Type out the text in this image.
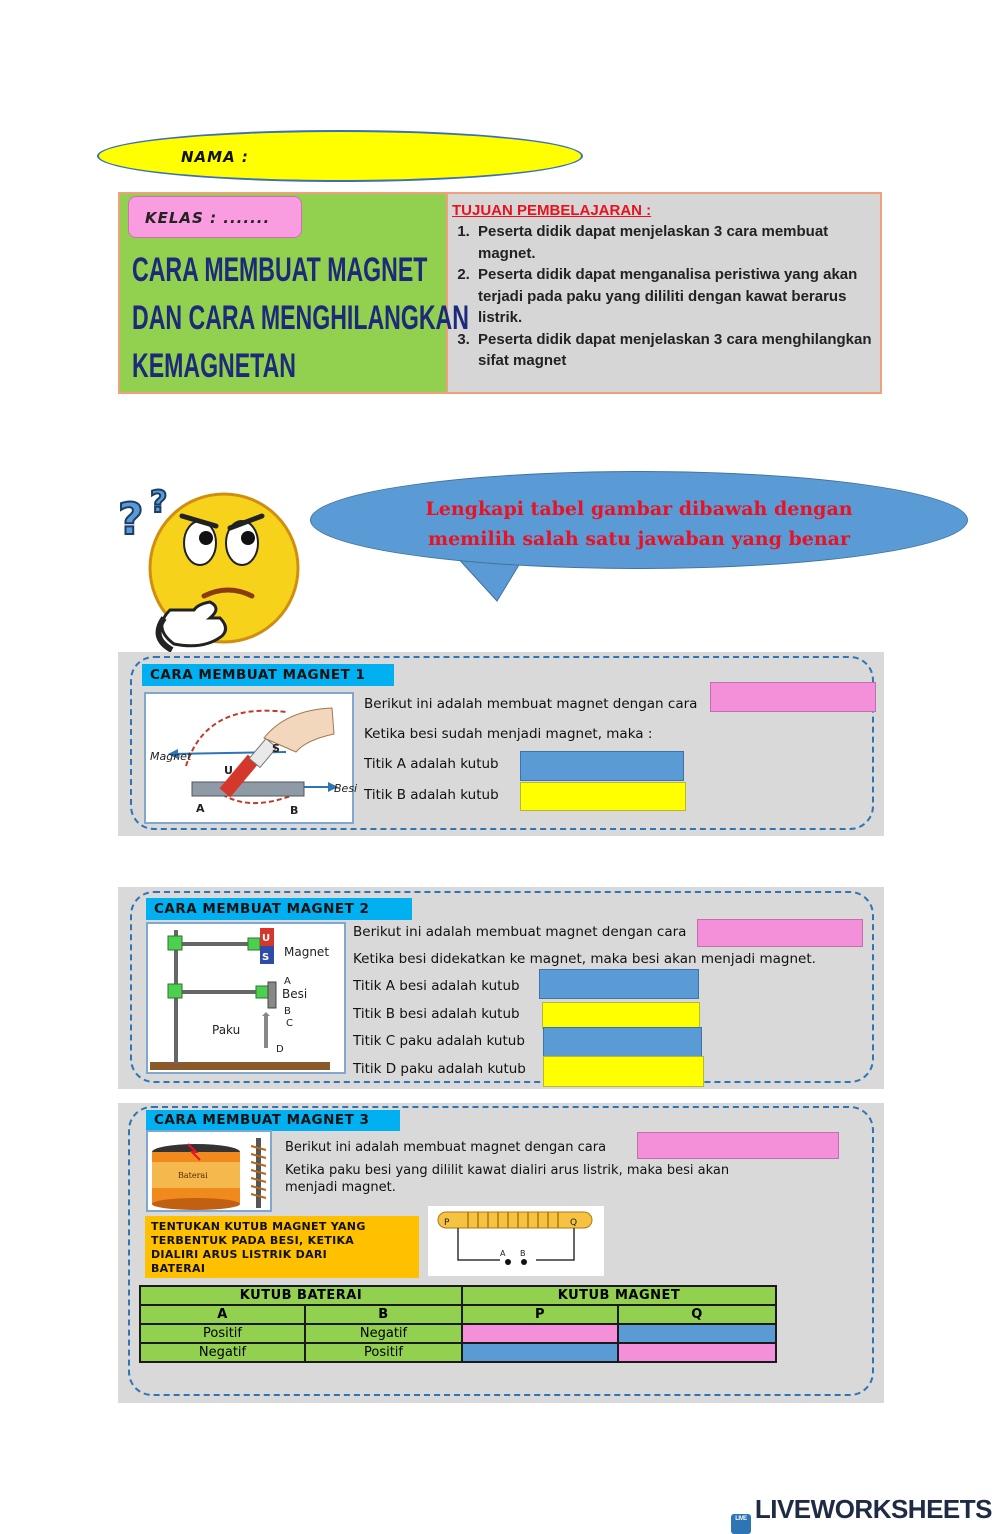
NAMA :
KELAS : .......
CARA MEMBUAT MAGNET
DAN CARA MENGHILANGKAN
KEMAGNETAN
TUJUAN PEMBELAJARAN :
1. Peserta didik dapat menjelaskan 3 cara membuat magnet.
2. Peserta didik dapat menganalisa peristiwa yang akan terjadi pada paku yang dililiti dengan kawat berarus listrik.
3. Peserta didik dapat menjelaskan 3 cara menghilangkan sifat magnet
? ?	Lengkapi tabel gambar dibawah dengan
memilih salah satu jawaban yang benar
CARA MEMBUAT MAGNET 1
Magnet
Besi
A	B
U
S
Berikut ini adalah membuat magnet dengan cara
Ketika besi sudah menjadi magnet, maka :
Titik A adalah kutub
Titik B adalah kutub
CARA MEMBUAT MAGNET 2
U
S Magnet
A
Besi
B
C
Paku
D
Berikut ini adalah membuat magnet dengan cara
Ketika besi didekatkan ke magnet, maka besi akan menjadi magnet.
Titik A besi adalah kutub
Titik B besi adalah kutub
Titik C paku adalah kutub
Titik D paku adalah kutub
CARA MEMBUAT MAGNET 3
Baterai
Berikut ini adalah membuat magnet dengan cara
Ketika paku besi yang dililit kawat dialiri arus listrik, maka besi akan
menjadi magnet.
TENTUKAN KUTUB MAGNET YANG
TERBENTUK PADA BESI, KETIKA
DIALIRI ARUS LISTRIK DARI
BATERAI
P	Q
A B
KUTUB BATERAI		KUTUB MAGNET	
A	B	P	Q
Positif	Negatif		
Negatif	Positif		
LIVE LIVEWORKSHEETS
